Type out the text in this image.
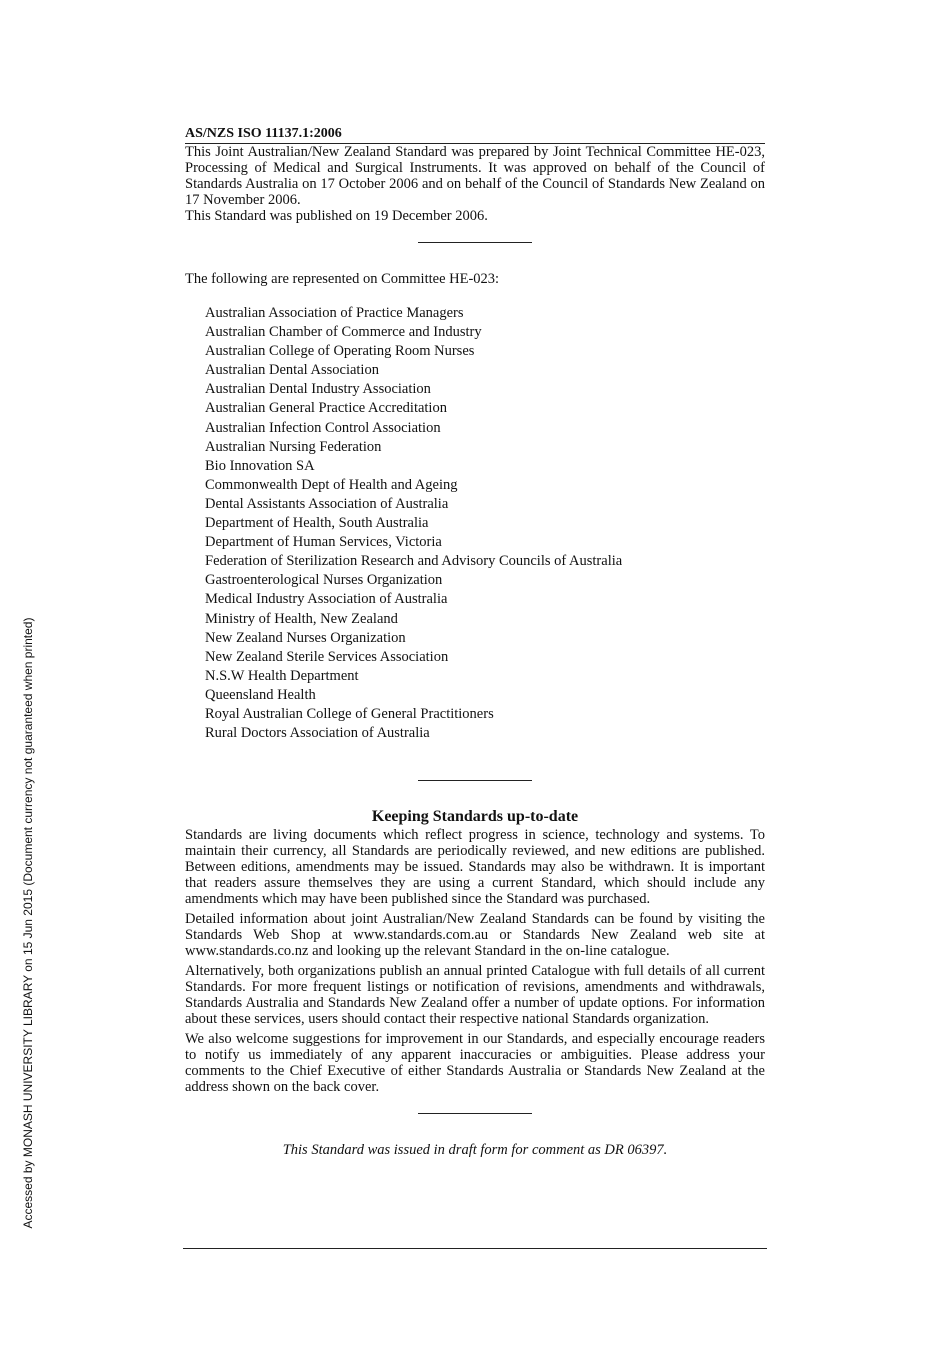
Accessed by MONASH UNIVERSITY LIBRARY on 15 Jun 2015 (Document currency not guaranteed when printed)
AS/NZS ISO 11137.1:2006
This Joint Australian/New Zealand Standard was prepared by Joint Technical Committee HE-023, Processing of Medical and Surgical Instruments. It was approved on behalf of the Council of Standards Australia on 17 October 2006 and on behalf of the Council of Standards New Zealand on 17 November 2006.
This Standard was published on 19 December 2006.
The following are represented on Committee HE-023:
Australian Association of Practice Managers
Australian Chamber of Commerce and Industry
Australian College of Operating Room Nurses
Australian Dental Association
Australian Dental Industry Association
Australian General Practice Accreditation
Australian Infection Control Association
Australian Nursing Federation
Bio Innovation SA
Commonwealth Dept of Health and Ageing
Dental Assistants Association of Australia
Department of Health, South Australia
Department of Human Services, Victoria
Federation of Sterilization Research and Advisory Councils of Australia
Gastroenterological Nurses Organization
Medical Industry Association of Australia
Ministry of Health, New Zealand
New Zealand Nurses Organization
New Zealand Sterile Services Association
N.S.W Health Department
Queensland Health
Royal Australian College of General Practitioners
Rural Doctors Association of Australia
Keeping Standards up-to-date

Standards are living documents which reflect progress in science, technology and systems. To maintain their currency, all Standards are periodically reviewed, and new editions are published. Between editions, amendments may be issued. Standards may also be withdrawn. It is important that readers assure themselves they are using a current Standard, which should include any amendments which may have been published since the Standard was purchased.

Detailed information about joint Australian/New Zealand Standards can be found by visiting the Standards Web Shop at www.standards.com.au or Standards New Zealand web site at www.standards.co.nz and looking up the relevant Standard in the on-line catalogue.

Alternatively, both organizations publish an annual printed Catalogue with full details of all current Standards. For more frequent listings or notification of revisions, amendments and withdrawals, Standards Australia and Standards New Zealand offer a number of update options. For information about these services, users should contact their respective national Standards organization.

We also welcome suggestions for improvement in our Standards, and especially encourage readers to notify us immediately of any apparent inaccuracies or ambiguities. Please address your comments to the Chief Executive of either Standards Australia or Standards New Zealand at the address shown on the back cover.

This Standard was issued in draft form for comment as DR 06397.
